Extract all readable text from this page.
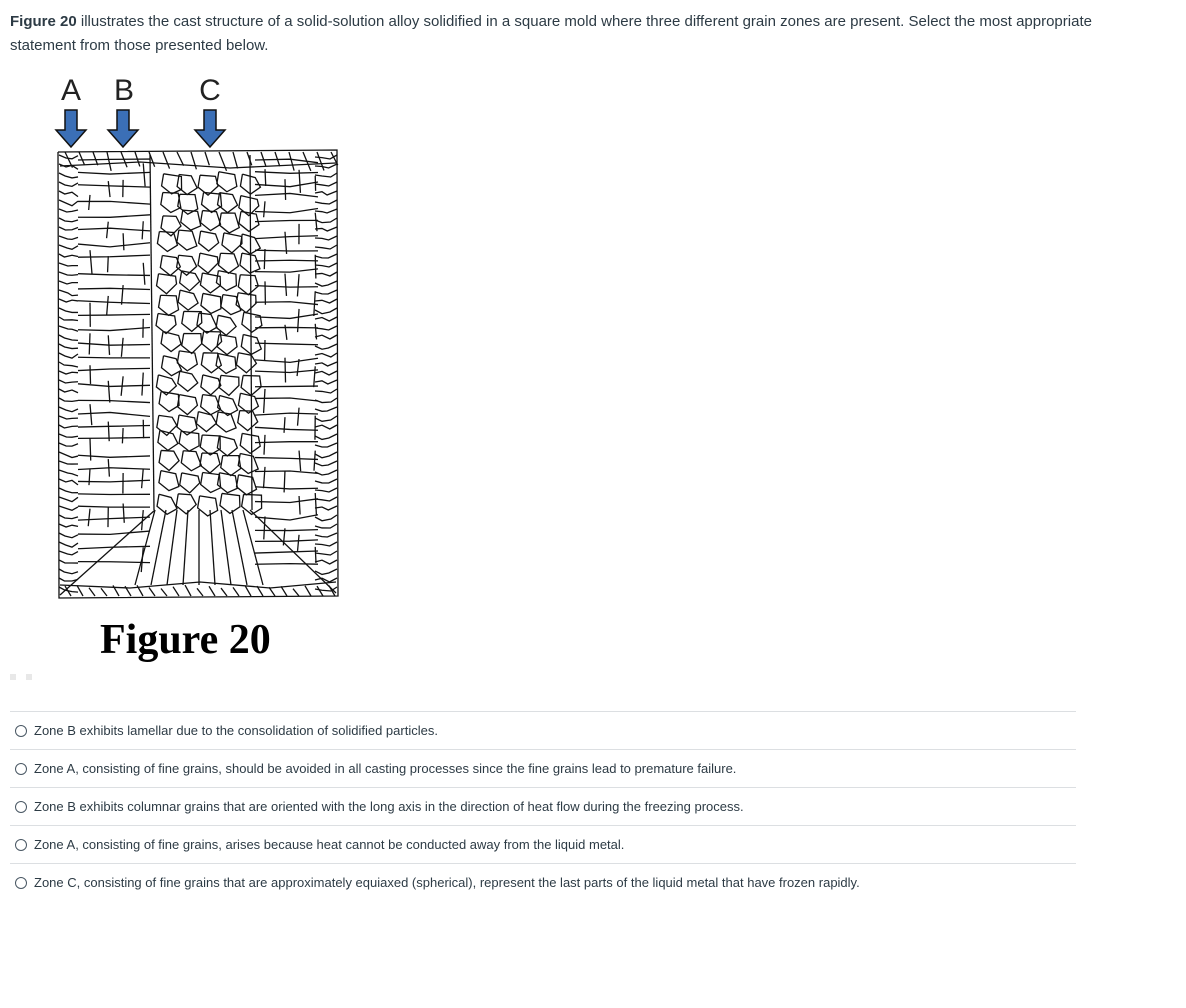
Figure 20 illustrates the cast structure of a solid-solution alloy solidified in a square mold where three different grain zones are present. Select the most appropriate statement from those presented below.
A B C
Figure 20
Zone B exhibits lamellar due to the consolidation of solidified particles.
Zone A, consisting of fine grains, should be avoided in all casting processes since the fine grains lead to premature failure.
Zone B exhibits columnar grains that are oriented with the long axis in the direction of heat flow during the freezing process.
Zone A, consisting of fine grains, arises because heat cannot be conducted away from the liquid metal.
Zone C, consisting of fine grains that are approximately equiaxed (spherical), represent the last parts of the liquid metal that have frozen rapidly.
